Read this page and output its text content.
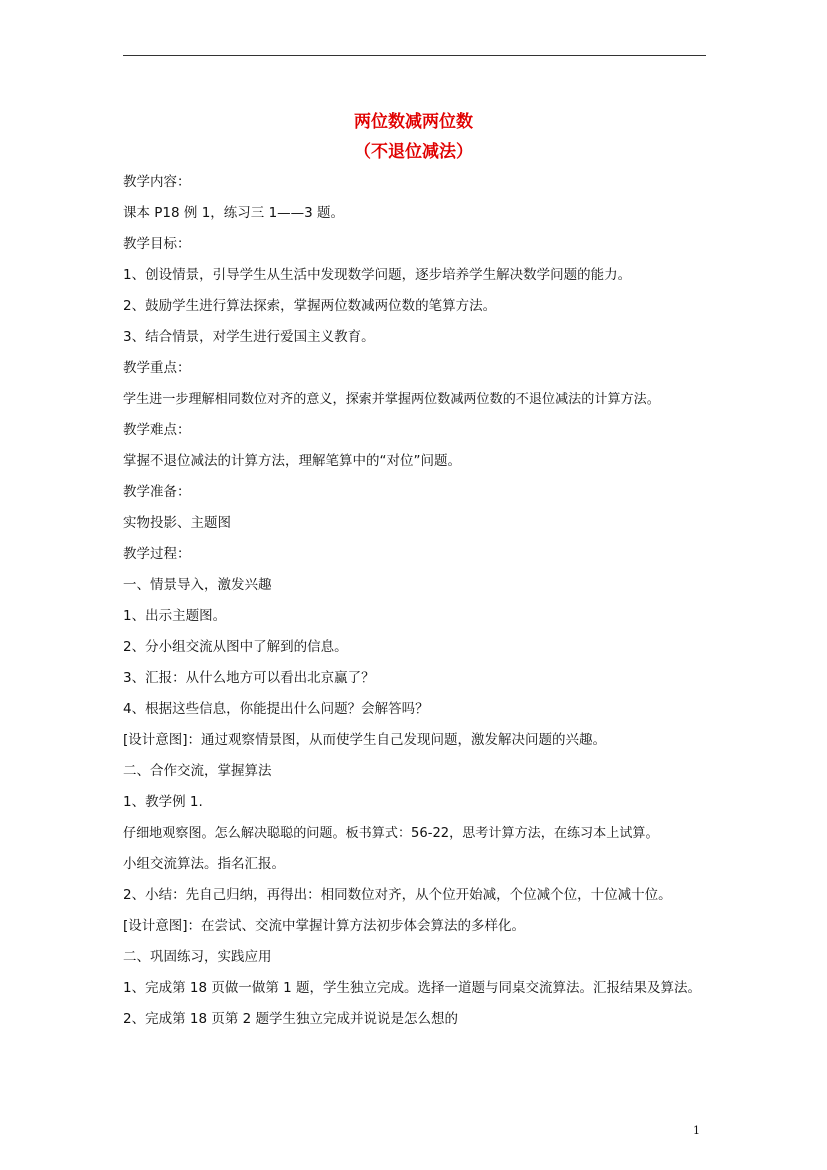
两位数减两位数
（不退位减法）
教学内容：
课本 P18 例 1，练习三 1——3 题。
教学目标：
1、创设情景，引导学生从生活中发现数学问题，逐步培养学生解决数学问题的能力。
2、鼓励学生进行算法探索，掌握两位数减两位数的笔算方法。
3、结合情景，对学生进行爱国主义教育。
教学重点：
学生进一步理解相同数位对齐的意义，探索并掌握两位数减两位数的不退位减法的计算方法。
教学难点：
掌握不退位减法的计算方法，理解笔算中的“对位”问题。
教学准备：
实物投影、主题图
教学过程：
一、情景导入，激发兴趣
1、出示主题图。
2、分小组交流从图中了解到的信息。
3、汇报：从什么地方可以看出北京赢了？
4、根据这些信息，你能提出什么问题？会解答吗？
[设计意图]：通过观察情景图，从而使学生自己发现问题，激发解决问题的兴趣。
二、合作交流，掌握算法
1、教学例 1.
仔细地观察图。怎么解决聪聪的问题。板书算式：56-22，思考计算方法，在练习本上试算。
小组交流算法。指名汇报。
2、小结：先自己归纳，再得出：相同数位对齐，从个位开始减，个位减个位，十位减十位。
[设计意图]：在尝试、交流中掌握计算方法初步体会算法的多样化。
二、巩固练习，实践应用
1、完成第 18 页做一做第 1 题，学生独立完成。选择一道题与同桌交流算法。汇报结果及算法。
2、完成第 18 页第 2 题学生独立完成并说说是怎么想的
1
